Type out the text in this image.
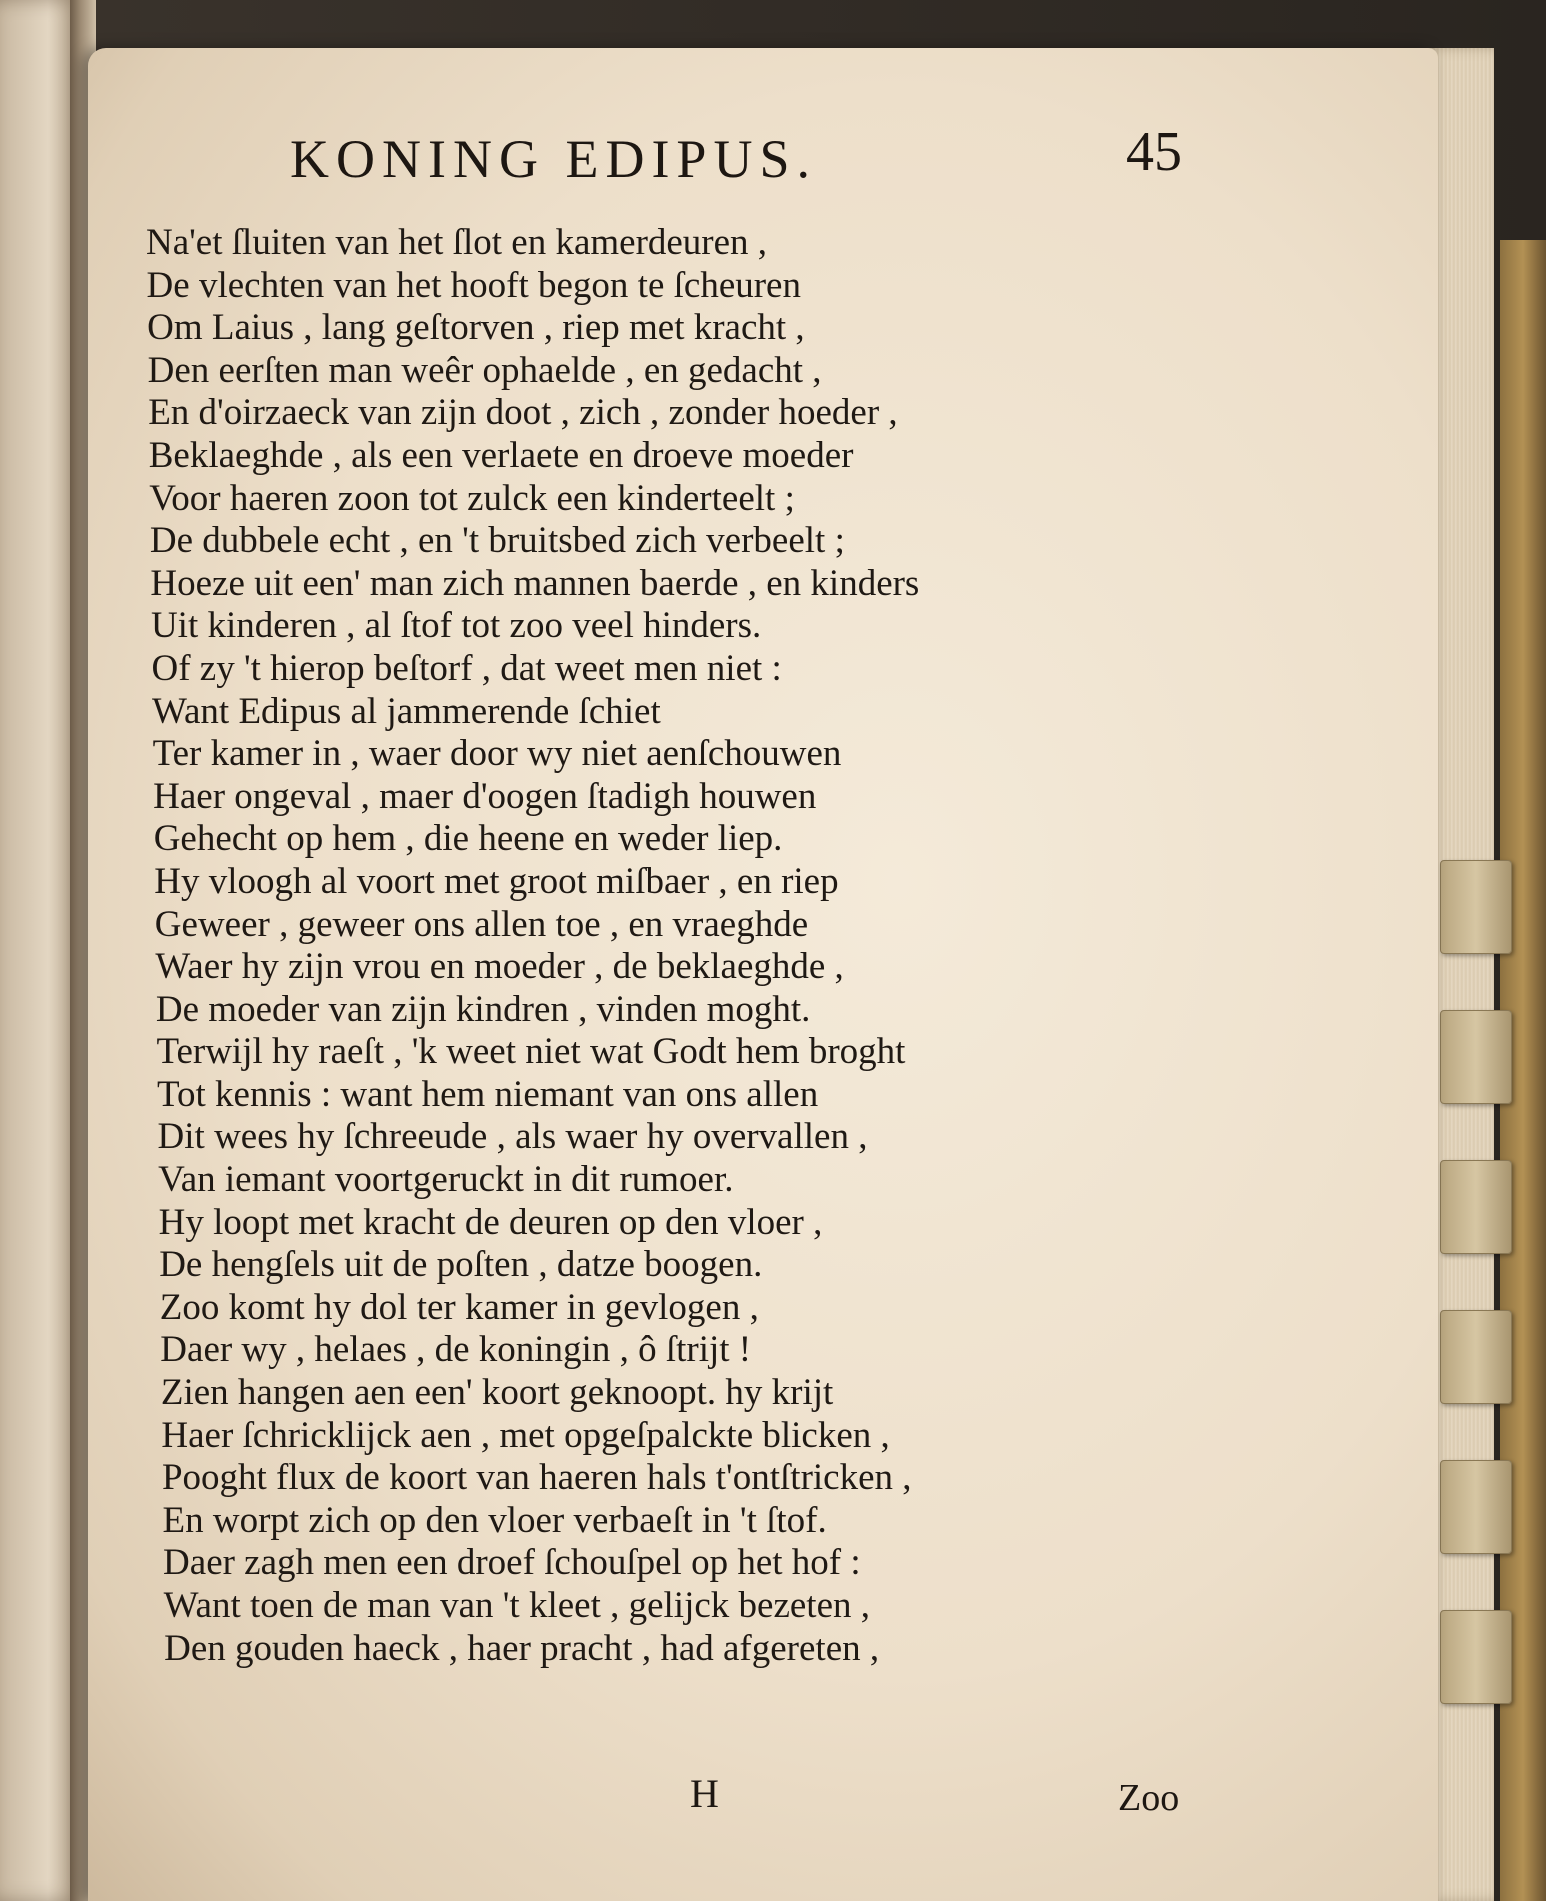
KONING EDIPUS.	45
Na'et ſluiten van het ſlot en kamerdeuren ,
De vlechten van het hooft begon te ſcheuren
Om Laius , lang geſtorven , riep met kracht ,
Den eerſten man weêr ophaelde , en gedacht ,
En d'oirzaeck van zijn doot , zich , zonder hoeder ,
Beklaeghde , als een verlaete en droeve moeder
Voor haeren zoon tot zulck een kinderteelt ;
De dubbele echt , en 't bruitsbed zich verbeelt ;
Hoeze uit een' man zich mannen baerde , en kinders
Uit kinderen , al ſtof tot zoo veel hinders.
Of zy 't hierop beſtorf , dat weet men niet :
Want Edipus al jammerende ſchiet
Ter kamer in , waer door wy niet aenſchouwen
Haer ongeval , maer d'oogen ſtadigh houwen
Gehecht op hem , die heene en weder liep.
Hy vloogh al voort met groot miſbaer , en riep
Geweer , geweer ons allen toe , en vraeghde
Waer hy zijn vrou en moeder , de beklaeghde ,
De moeder van zijn kindren , vinden moght.
Terwijl hy raeſt , 'k weet niet wat Godt hem broght
Tot kennis : want hem niemant van ons allen
Dit wees hy ſchreeude , als waer hy overvallen ,
Van iemant voortgeruckt in dit rumoer.
Hy loopt met kracht de deuren op den vloer ,
De hengſels uit de poſten , datze boogen.
Zoo komt hy dol ter kamer in gevlogen ,
Daer wy , helaes , de koningin , ô ſtrijt !
Zien hangen aen een' koort geknoopt. hy krijt
Haer ſchricklijck aen , met opgeſpalckte blicken ,
Pooght flux de koort van haeren hals t'ontſtricken ,
En worpt zich op den vloer verbaeſt in 't ſtof.
Daer zagh men een droef ſchouſpel op het hof :
Want toen de man van 't kleet , gelijck bezeten ,
Den gouden haeck , haer pracht , had afgereten ,
H	Zoo
